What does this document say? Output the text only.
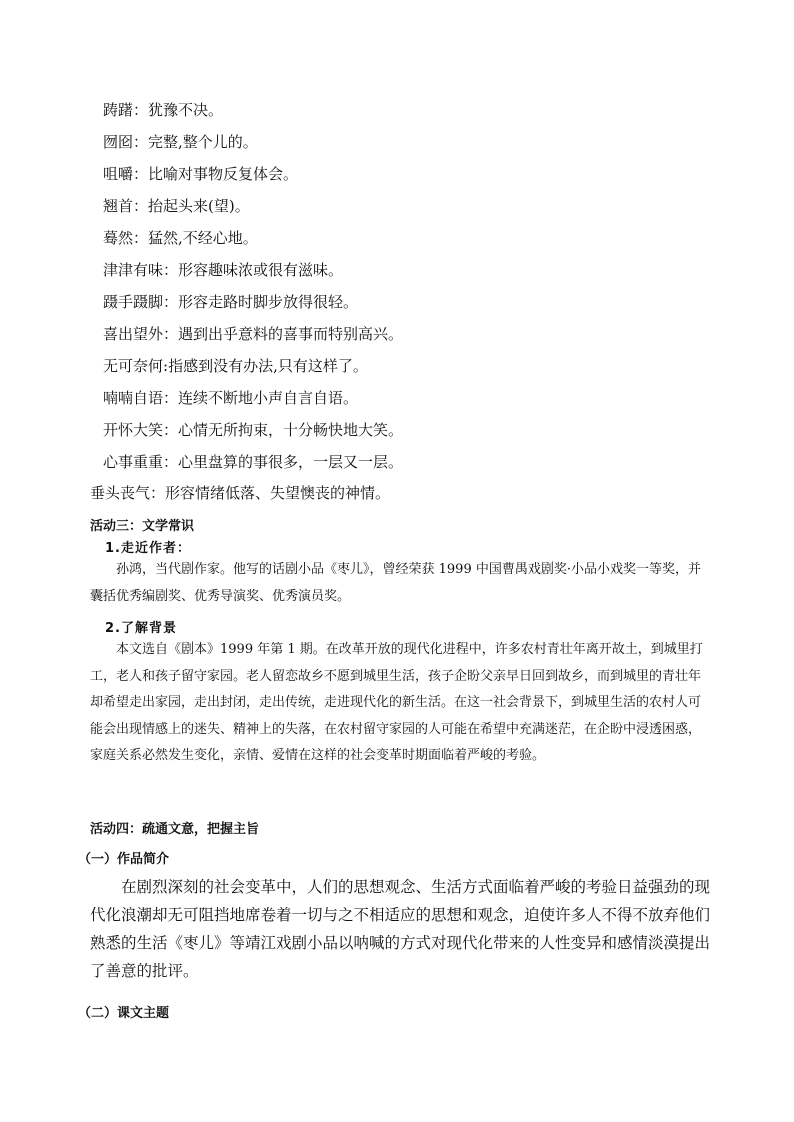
踌躇：犹豫不决。
囫囵：完整,整个儿的。
咀嚼：比喻对事物反复体会。
翘首：抬起头来(望)。
蓦然：猛然,不经心地。
津津有味：形容趣味浓或很有滋味。
蹑手蹑脚：形容走路时脚步放得很轻。
喜出望外：遇到出乎意料的喜事而特别高兴。
无可奈何:指感到没有办法,只有这样了。
喃喃自语：连续不断地小声自言自语。
开怀大笑：心情无所拘束，十分畅快地大笑。
心事重重：心里盘算的事很多，一层又一层。
垂头丧气：形容情绪低落、失望懊丧的神情。
活动三：文学常识
1.走近作者：
孙鸿，当代剧作家。他写的话剧小品《枣儿》，曾经荣获 1999 中国曹禺戏剧奖·小品小戏奖一等奖，并囊括优秀编剧奖、优秀导演奖、优秀演员奖。
2.了解背景
本文选自《剧本》1999 年第 1 期。在改革开放的现代化进程中，许多农村青壮年离开故土，到城里打工，老人和孩子留守家园。老人留恋故乡不愿到城里生活，孩子企盼父亲早日回到故乡，而到城里的青壮年却希望走出家园，走出封闭，走出传统，走进现代化的新生活。在这一社会背景下，到城里生活的农村人可能会出现情感上的迷失、精神上的失落，在农村留守家园的人可能在希望中充满迷茫，在企盼中浸透困惑，家庭关系必然发生变化，亲情、爱情在这样的社会变革时期面临着严峻的考验。
活动四：疏通文意，把握主旨
（一）作品简介
在剧烈深刻的社会变革中，人们的思想观念、生活方式面临着严峻的考验日益强劲的现代化浪潮却无可阻挡地席卷着一切与之不相适应的思想和观念，迫使许多人不得不放弃他们熟悉的生活《枣儿》等靖江戏剧小品以呐喊的方式对现代化带来的人性变异和感情淡漠提出了善意的批评。
（二）课文主题
